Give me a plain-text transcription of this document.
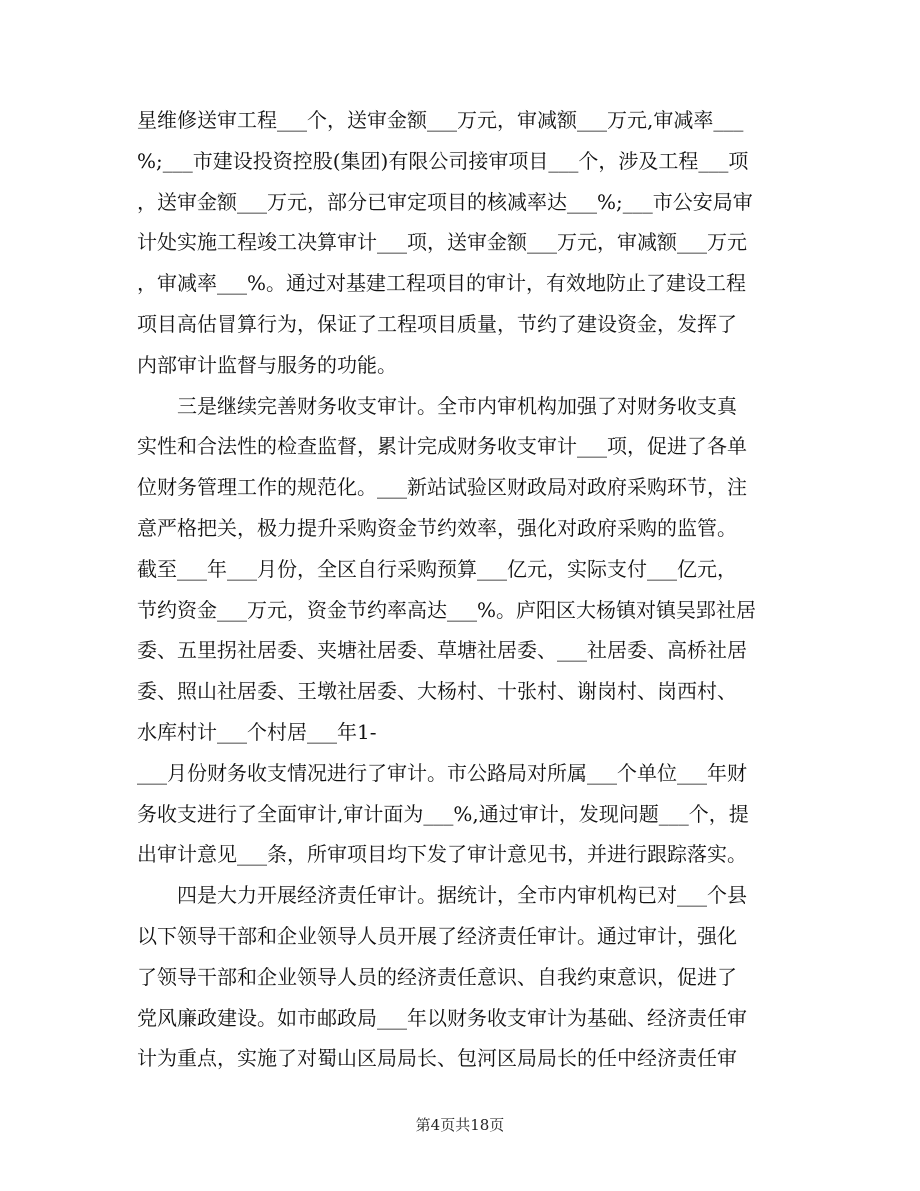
星维修送审工程___个，送审金额___万元，审减额___万元,审减率___
%;___市建设投资控股(集团)有限公司接审项目___个，涉及工程___项
，送审金额___万元，部分已审定项目的核减率达___%;___市公安局审
计处实施工程竣工决算审计___项，送审金额___万元，审减额___万元
，审减率___%。通过对基建工程项目的审计，有效地防止了建设工程
项目高估冒算行为，保证了工程项目质量，节约了建设资金，发挥了
内部审计监督与服务的功能。
　　三是继续完善财务收支审计。全市内审机构加强了对财务收支真
实性和合法性的检查监督，累计完成财务收支审计___项，促进了各单
位财务管理工作的规范化。___新站试验区财政局对政府采购环节，注
意严格把关，极力提升采购资金节约效率，强化对政府采购的监管。
截至___年___月份，全区自行采购预算___亿元，实际支付___亿元，
节约资金___万元，资金节约率高达___%。庐阳区大杨镇对镇吴郢社居
委、五里拐社居委、夹塘社居委、草塘社居委、___社居委、高桥社居
委、照山社居委、王墩社居委、大杨村、十张村、谢岗村、岗西村、
水库村计___个村居___年1-
___月份财务收支情况进行了审计。市公路局对所属___个单位___年财
务收支进行了全面审计,审计面为___%,通过审计，发现问题___个，提
出审计意见___条，所审项目均下发了审计意见书，并进行跟踪落实。
　　四是大力开展经济责任审计。据统计，全市内审机构已对___个县
以下领导干部和企业领导人员开展了经济责任审计。通过审计，强化
了领导干部和企业领导人员的经济责任意识、自我约束意识，促进了
党风廉政建设。如市邮政局___年以财务收支审计为基础、经济责任审
计为重点，实施了对蜀山区局局长、包河区局局长的任中经济责任审
第4页共18页
